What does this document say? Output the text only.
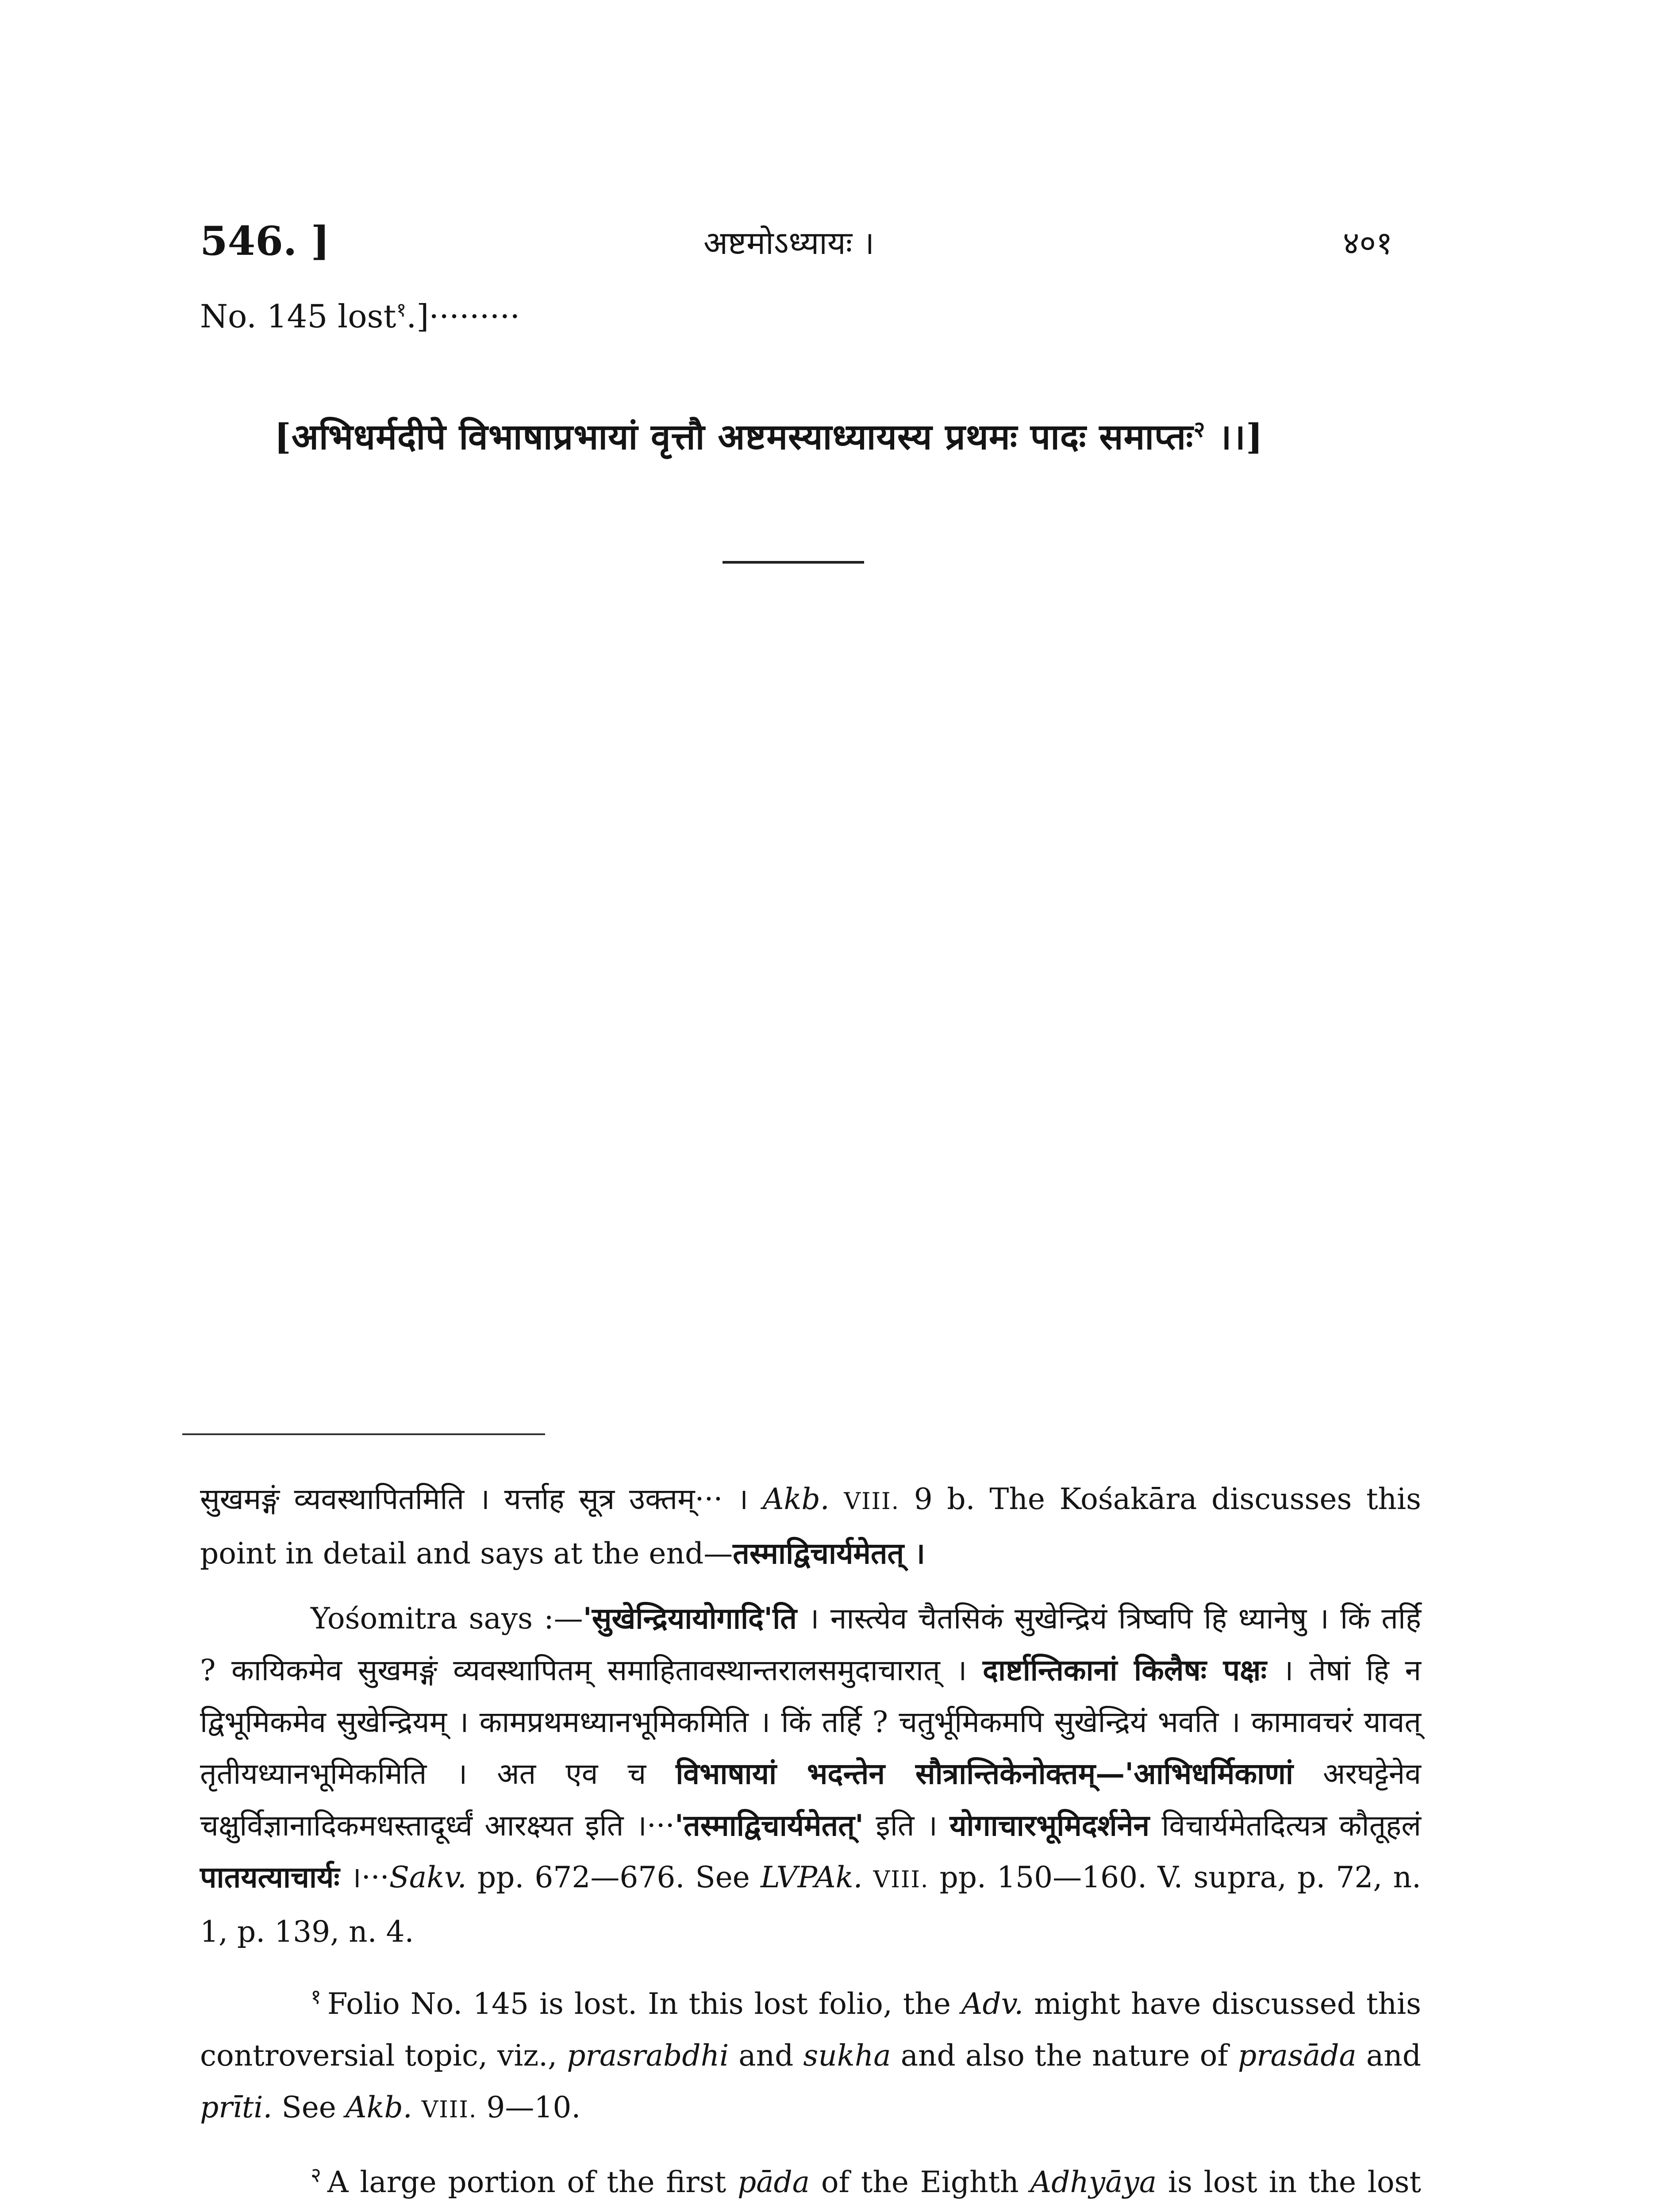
546. ]	अष्टमोऽध्यायः ।	४०१
No. 145 lost$^१$.]·········
[अभिधर्मदीपे विभाषाप्रभायां वृत्तौ अष्टमस्याध्यायस्य प्रथमः पादः समाप्तः$^२$ ।।]

सुखमङ्गं व्यवस्थापितमिति । यर्त्ताह सूत्र उक्तम्··· । Akb. VIII. 9 b. The Kośakāra discusses this point in detail and says at the end—तस्माद्विचार्यमेतत् ।

Yośomitra says :—'सुखेन्द्रियायोगादि'ति । नास्त्येव चैतसिकं सुखेन्द्रियं त्रिष्वपि हि ध्यानेषु । किं तर्हि ? कायिकमेव सुखमङ्गं व्यवस्थापितम् समाहितावस्थान्तरालसमुदाचारात् । दार्ष्टान्तिकानां किलैषः पक्षः । तेषां हि न द्विभूमिकमेव सुखेन्द्रियम् । कामप्रथमध्यानभूमिकमिति । किं तर्हि ? चतुर्भूमिकमपि सुखेन्द्रियं भवति । कामावचरं यावत् तृतीयध्यानभूमिकमिति । अत एव च विभाषायां भदन्तेन सौत्रान्तिकेनोक्तम्—'आभिधर्मिकाणां अरघट्टेनेव चक्षुर्विज्ञानादिकमधस्तादूर्ध्वं आरक्ष्यत इति ।···'तस्माद्विचार्यमेतत्' इति । योगाचारभूमिदर्शनेन विचार्यमेतदित्यत्र कौतूहलं पातयत्याचार्यः ।···Sakv. pp. 672—676. See LVPAk. VIII. pp. 150—160. V. supra, p. 72, n. 1, p. 139, n. 4.

$^१$ Folio No. 145 is lost. In this lost folio, the Adv. might have discussed this controversial topic, viz., prasrabdhi and sukha and also the nature of prasāda and prīti. See Akb. VIII. 9—10.

$^२$ A large portion of the first pāda of the Eighth Adhyāya is lost in the lost
